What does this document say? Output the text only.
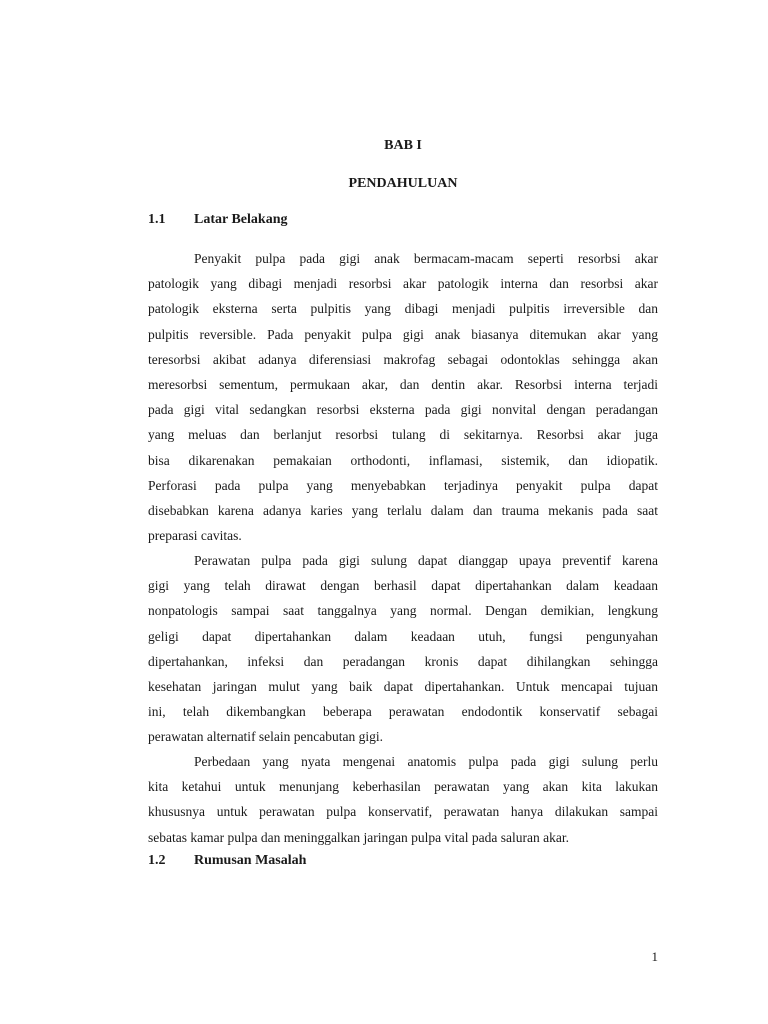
BAB I
PENDAHULUAN
1.1 Latar Belakang
Penyakit pulpa pada gigi anak bermacam-macam seperti resorbsi akar
patologik yang dibagi menjadi resorbsi akar patologik interna dan resorbsi akar
patologik eksterna serta pulpitis yang dibagi menjadi pulpitis irreversible dan
pulpitis reversible. Pada penyakit pulpa gigi anak biasanya ditemukan akar yang
teresorbsi akibat adanya diferensiasi makrofag sebagai odontoklas sehingga akan
meresorbsi sementum, permukaan akar, dan dentin akar. Resorbsi interna terjadi
pada gigi vital sedangkan resorbsi eksterna pada gigi nonvital dengan peradangan
yang meluas dan berlanjut resorbsi tulang di sekitarnya. Resorbsi akar juga
bisa dikarenakan pemakaian orthodonti, inflamasi, sistemik, dan idiopatik.
Perforasi pada pulpa yang menyebabkan terjadinya penyakit pulpa dapat
disebabkan karena adanya karies yang terlalu dalam dan trauma mekanis pada saat
preparasi cavitas.
Perawatan pulpa pada gigi sulung dapat dianggap upaya preventif karena
gigi yang telah dirawat dengan berhasil dapat dipertahankan dalam keadaan
nonpatologis sampai saat tanggalnya yang normal. Dengan demikian, lengkung
geligi dapat dipertahankan dalam keadaan utuh, fungsi pengunyahan
dipertahankan, infeksi dan peradangan kronis dapat dihilangkan sehingga
kesehatan jaringan mulut yang baik dapat dipertahankan. Untuk mencapai tujuan
ini, telah dikembangkan beberapa perawatan endodontik konservatif sebagai
perawatan alternatif selain pencabutan gigi.
Perbedaan yang nyata mengenai anatomis pulpa pada gigi sulung perlu
kita ketahui untuk menunjang keberhasilan perawatan yang akan kita lakukan
khususnya untuk perawatan pulpa konservatif, perawatan hanya dilakukan sampai
sebatas kamar pulpa dan meninggalkan jaringan pulpa vital pada saluran akar.
1.2 Rumusan Masalah
1
